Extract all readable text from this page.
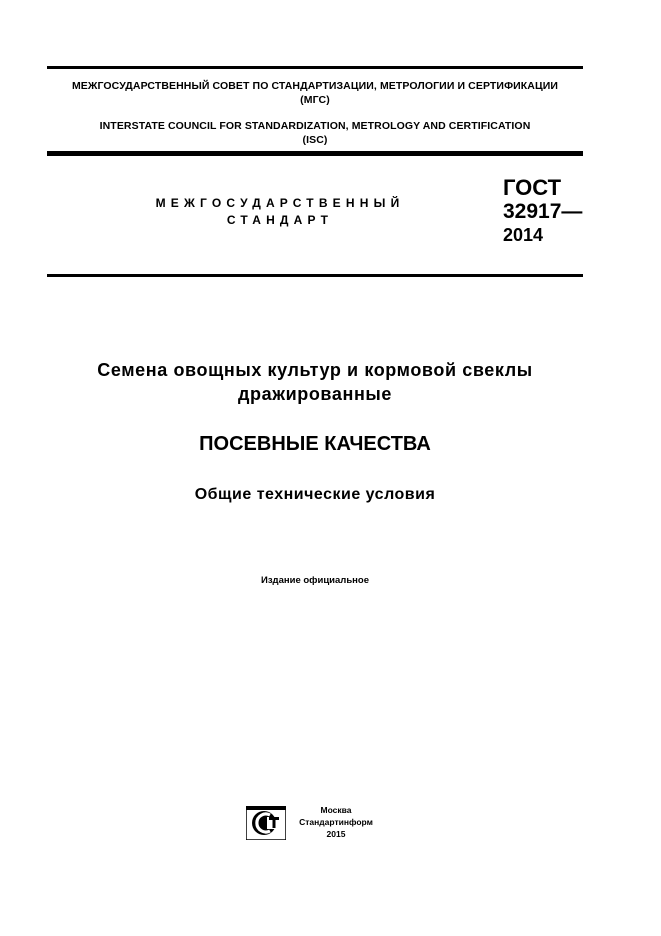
МЕЖГОСУДАРСТВЕННЫЙ СОВЕТ ПО СТАНДАРТИЗАЦИИ, МЕТРОЛОГИИ И СЕРТИФИКАЦИИ
(МГС)
INTERSTATE COUNCIL FOR STANDARDIZATION, METROLOGY AND CERTIFICATION
(ISC)
МЕЖГОСУДАРСТВЕННЫЙ
СТАНДАРТ
ГОСТ
32917—
2014
Семена овощных культур и кормовой свеклы
дражированные
ПОСЕВНЫЕ КАЧЕСТВА
Общие технические условия
Издание официальное
Москва
Стандартинформ
2015
